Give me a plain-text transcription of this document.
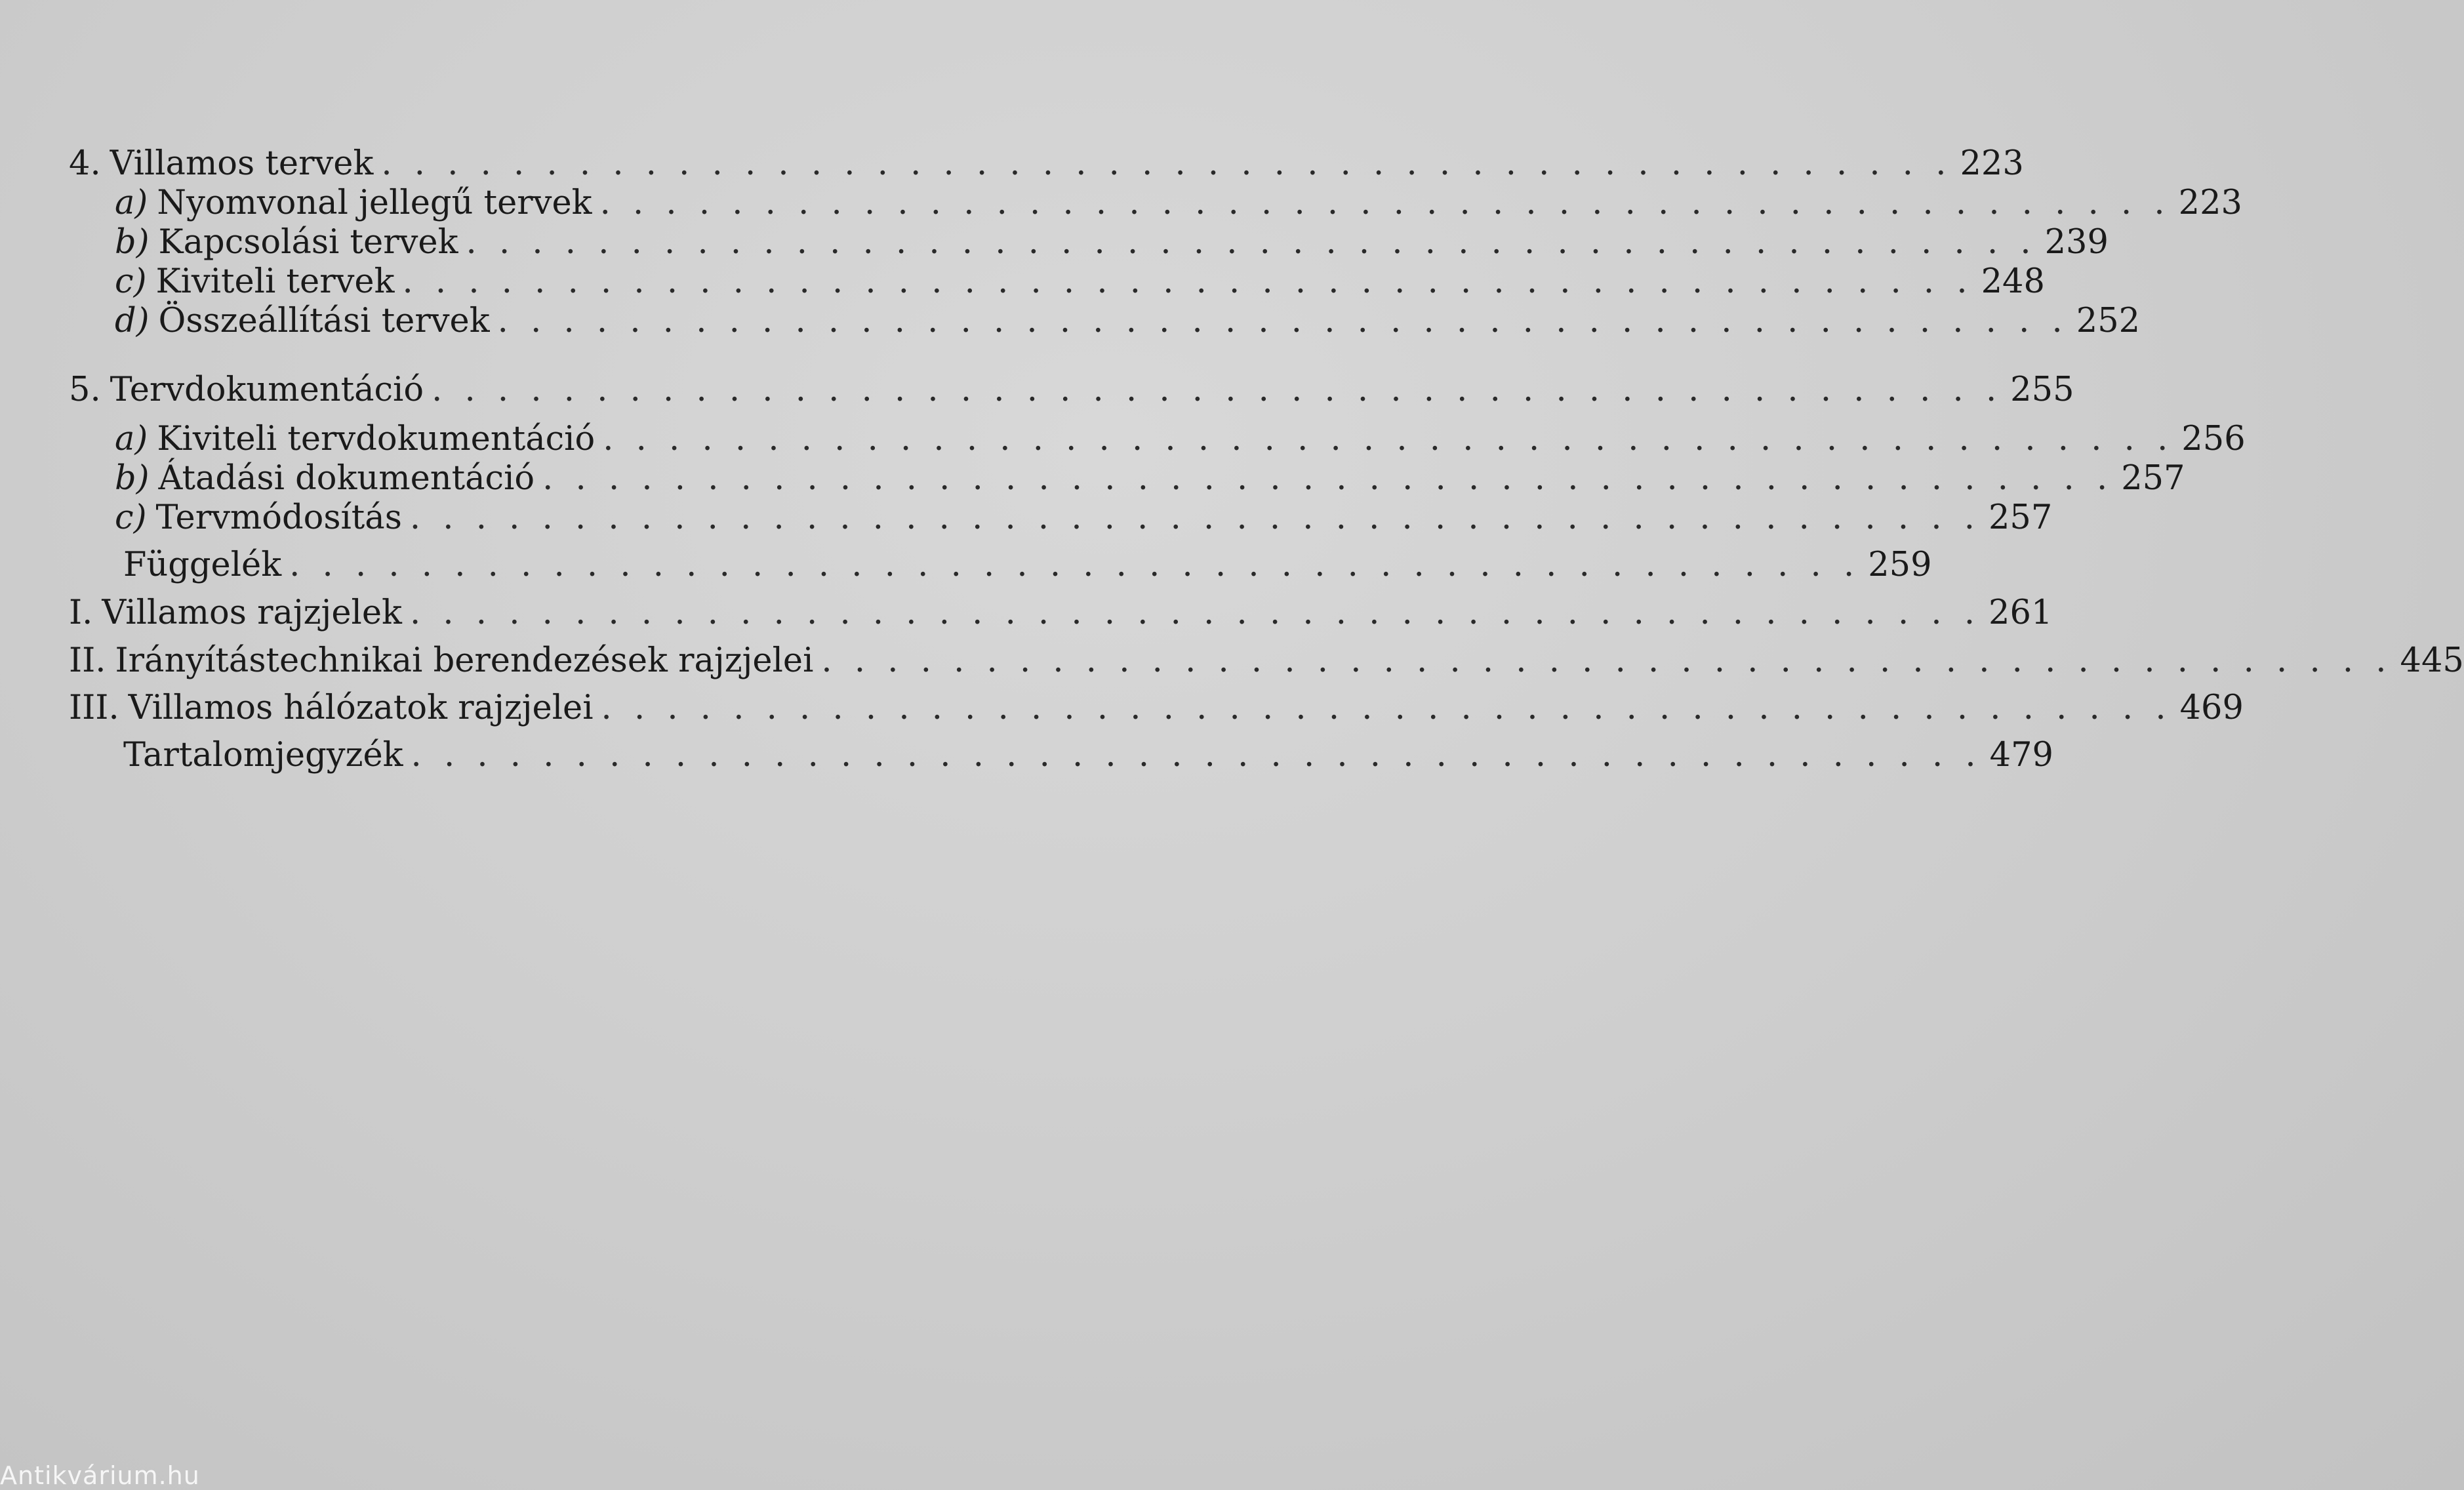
4. Villamos tervek . . . . . . . . . . . . . . . . . . . . . . . . . . . . . . . . . . . . . . . . . . . . . . . . 223
a) Nyomvonal jellegű tervek . . . . . . . . . . . . . . . . . . . . . . . . . . . . . . . . . . . . . . . . . . . . . . . . 223
b) Kapcsolási tervek . . . . . . . . . . . . . . . . . . . . . . . . . . . . . . . . . . . . . . . . . . . . . . . . 239
c) Kiviteli tervek . . . . . . . . . . . . . . . . . . . . . . . . . . . . . . . . . . . . . . . . . . . . . . . . 248
d) Összeállítási tervek . . . . . . . . . . . . . . . . . . . . . . . . . . . . . . . . . . . . . . . . . . . . . . . . 252
5. Tervdokumentáció . . . . . . . . . . . . . . . . . . . . . . . . . . . . . . . . . . . . . . . . . . . . . . . . 255
a) Kiviteli tervdokumentáció . . . . . . . . . . . . . . . . . . . . . . . . . . . . . . . . . . . . . . . . . . . . . . . . 256
b) Átadási dokumentáció . . . . . . . . . . . . . . . . . . . . . . . . . . . . . . . . . . . . . . . . . . . . . . . . 257
c) Tervmódosítás . . . . . . . . . . . . . . . . . . . . . . . . . . . . . . . . . . . . . . . . . . . . . . . . 257
Függelék . . . . . . . . . . . . . . . . . . . . . . . . . . . . . . . . . . . . . . . . . . . . . . . . 259
I. Villamos rajzjelek . . . . . . . . . . . . . . . . . . . . . . . . . . . . . . . . . . . . . . . . . . . . . . . . 261
II. Irányítástechnikai berendezések rajzjelei . . . . . . . . . . . . . . . . . . . . . . . . . . . . . . . . . . . . . . . . . . . . . . . . 445
III. Villamos hálózatok rajzjelei . . . . . . . . . . . . . . . . . . . . . . . . . . . . . . . . . . . . . . . . . . . . . . . . 469
Tartalomjegyzék . . . . . . . . . . . . . . . . . . . . . . . . . . . . . . . . . . . . . . . . . . . . . . . . 479
Antikvárium.hu
